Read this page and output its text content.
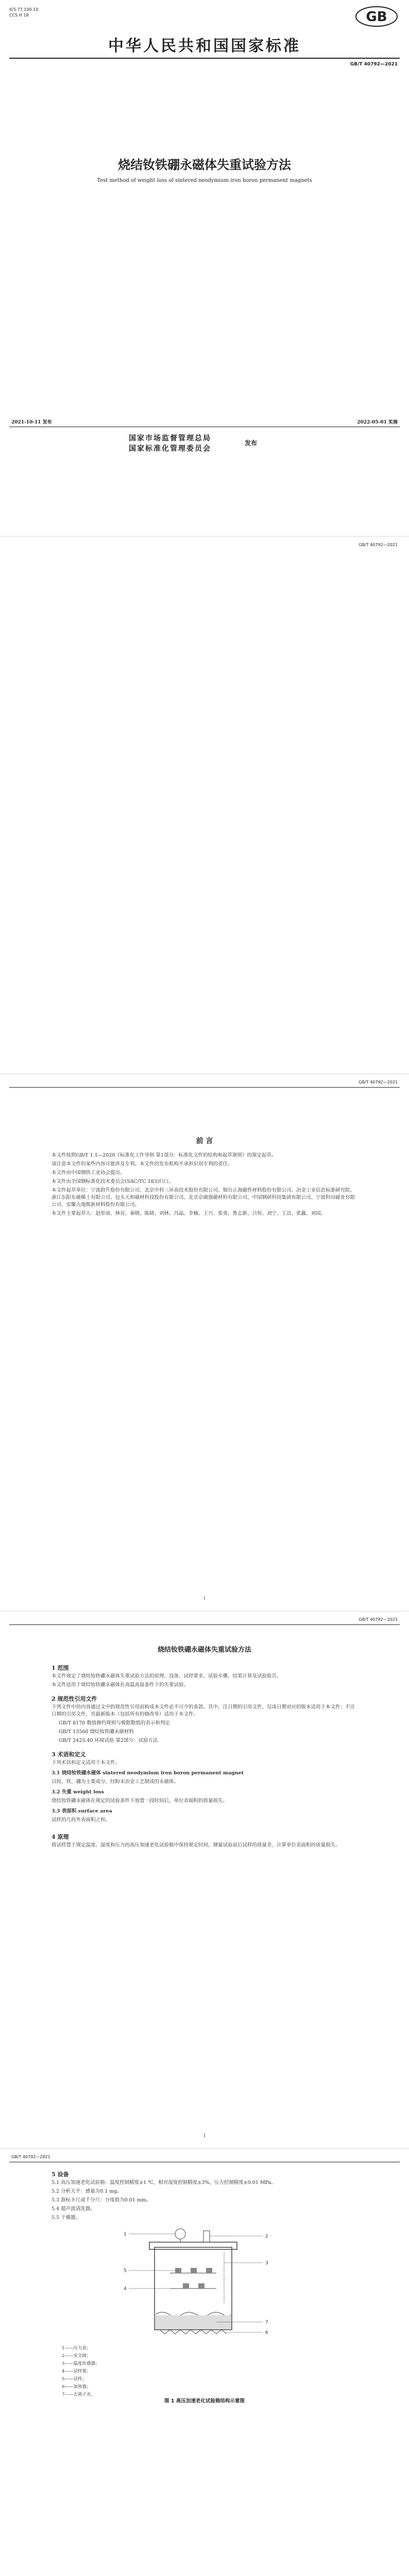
ICS 77.100.10
CCS H 18	GB
中华人民共和国国家标准
GB/T 40792—2021
烧结钕铁硼永磁体失重试验方法
Test method of weight loss of sintered neodymium iron boron permanent magnets
2021-10-11 发布	2022-05-01 实施
国家市场监督管理总局
国家标准化管理委员会
发布
GB/T 40792—2021
GB/T 40792—2021
前 言

本文件按照GB/T 1.1—2020《标准化工作导则 第1部分：标准化文件的结构和起草规则》的规定起草。

请注意本文件的某些内容可能涉及专利。本文件的发布机构不承担识别专利的责任。

本文件由中国钢铁工业协会提出。

本文件由全国钢标准化技术委员会(SAC/TC 183)归口。

本文件起草单位：宁波韵升股份有限公司、北京中科三环高技术股份有限公司、烟台正海磁性材料股份有限公司、冶金工业信息标准研究院、浙江东阳东磁稀土有限公司、包头天和磁材科技股份有限公司、北京京磁强磁材料有限公司、中国钢研科技集团有限公司、宁波科田磁业有限公司、安徽大地熊新材料股份有限公司。

本文件主要起草人：赵彤雨、林亮、秦晓、陈晓、刘林、冯晶、李楠、王兴、张勇、鲁志新、吕恒、刘宁、王洁、张鑫、刘国。

I
GB/T 40792—2021
烧结钕铁硼永磁体失重试验方法
1 范围

本文件规定了烧结钕铁硼永磁体失重试验方法的原理、设备、试样要求、试验步骤、结果计算及试验报告。

本文件适用于烧结钕铁硼永磁体在高温高湿条件下的失重试验。

2 规范性引用文件

下列文件中的内容通过文中的规范性引用而构成本文件必不可少的条款。其中，注日期的引用文件，仅该日期对应的版本适用于本文件；不注日期的引用文件，其最新版本（包括所有的修改单）适用于本文件。

GB/T 8170 数值修约规则与极限数值的表示和判定

GB/T 13560 烧结钕铁硼永磁材料

GB/T 2423.40 环境试验 第2部分：试验方法

3 术语和定义

下列术语和定义适用于本文件。

3.1 烧结钕铁硼永磁体 sintered neodymium iron boron permanent magnet

以钕、铁、硼为主要成分，经粉末冶金工艺制成的永磁体。

3.2 失重 weight loss

烧结钕铁硼永磁体在规定的试验条件下放置一段时间后，单位表面积的质量损失。

3.3 表面积 surface area

试样的几何外表面积之和。

4 原理

将试样置于规定温度、湿度和压力的高压加速老化试验箱中保持规定时间，测量试验前后试样的质量差，计算单位表面积的质量损失。

1
GB/T 40792—2021
5 设备

5.1 高压加速老化试验箱：温度控制精度±1 ℃，相对湿度控制精度±3%，压力控制精度±0.01 MPa。

5.2 分析天平：感量为0.1 mg。

5.3 游标卡尺或千分尺：分度值为0.01 mm。

5.4 超声波清洗器。

5.5 干燥器。

1	2
3
4
5
6
7

1——压力表；

2——安全阀；

3——温度传感器；

4——试样架；

5——试样；

6——加热器；

7——去离子水。

图 1 高压加速老化试验箱结构示意图
